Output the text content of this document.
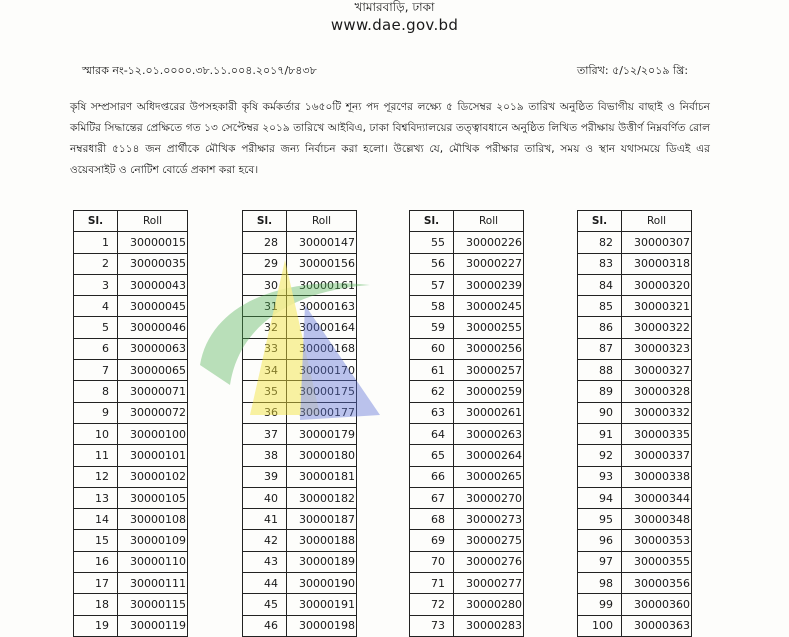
খামারবাড়ি, ঢাকা
www.dae.gov.bd
স্মারক নং-১২.০১.০০০০.৩৮.১১.০০৪.২০১৭/৮৪৩৮	তারিখ: ৫/১২/২০১৯ খ্রি:
কৃষি সম্প্রসারণ অধিদপ্তরের উপসহকারী কৃষি কর্মকর্তার ১৬৫০টি শূন্য পদ পূরণের লক্ষ্যে ৫ ডিসেম্বর ২০১৯ তারিখ অনুষ্ঠিত বিভাগীয় বাছাই ও নির্বাচন কমিটির সিদ্ধান্তের প্রেক্ষিতে গত ১৩ সেপ্টেম্বর ২০১৯ তারিখে আইবিএ, ঢাকা বিশ্ববিদ্যালয়ের তত্ত্বাবধানে অনুষ্ঠিত লিখিত পরীক্ষায় উত্তীর্ণ নিম্নবর্ণিত রোল নম্বরধারী ৫১১৪ জন প্রার্থীকে মৌখিক পরীক্ষার জন্য নির্বাচন করা হলো। উল্লেখ্য যে, মৌখিক পরীক্ষার তারিখ, সময় ও স্থান যথাসময়ে ডিএই এর ওয়েবসাইট ও নোটিশ বোর্ডে প্রকাশ করা হবে।
Sl.	Roll
1	30000015
2	30000035
3	30000043
4	30000045
5	30000046
6	30000063
7	30000065
8	30000071
9	30000072
10	30000100
11	30000101
12	30000102
13	30000105
14	30000108
15	30000109
16	30000110
17	30000111
18	30000115
19	30000119
Sl.	Roll
28	30000147
29	30000156
30	30000161
31	30000163
32	30000164
33	30000168
34	30000170
35	30000175
36	30000177
37	30000179
38	30000180
39	30000181
40	30000182
41	30000187
42	30000188
43	30000189
44	30000190
45	30000191
46	30000198
Sl.	Roll
55	30000226
56	30000227
57	30000239
58	30000245
59	30000255
60	30000256
61	30000257
62	30000259
63	30000261
64	30000263
65	30000264
66	30000265
67	30000270
68	30000273
69	30000275
70	30000276
71	30000277
72	30000280
73	30000283
Sl.	Roll
82	30000307
83	30000318
84	30000320
85	30000321
86	30000322
87	30000323
88	30000327
89	30000328
90	30000332
91	30000335
92	30000337
93	30000338
94	30000344
95	30000348
96	30000353
97	30000355
98	30000356
99	30000360
100	30000363
